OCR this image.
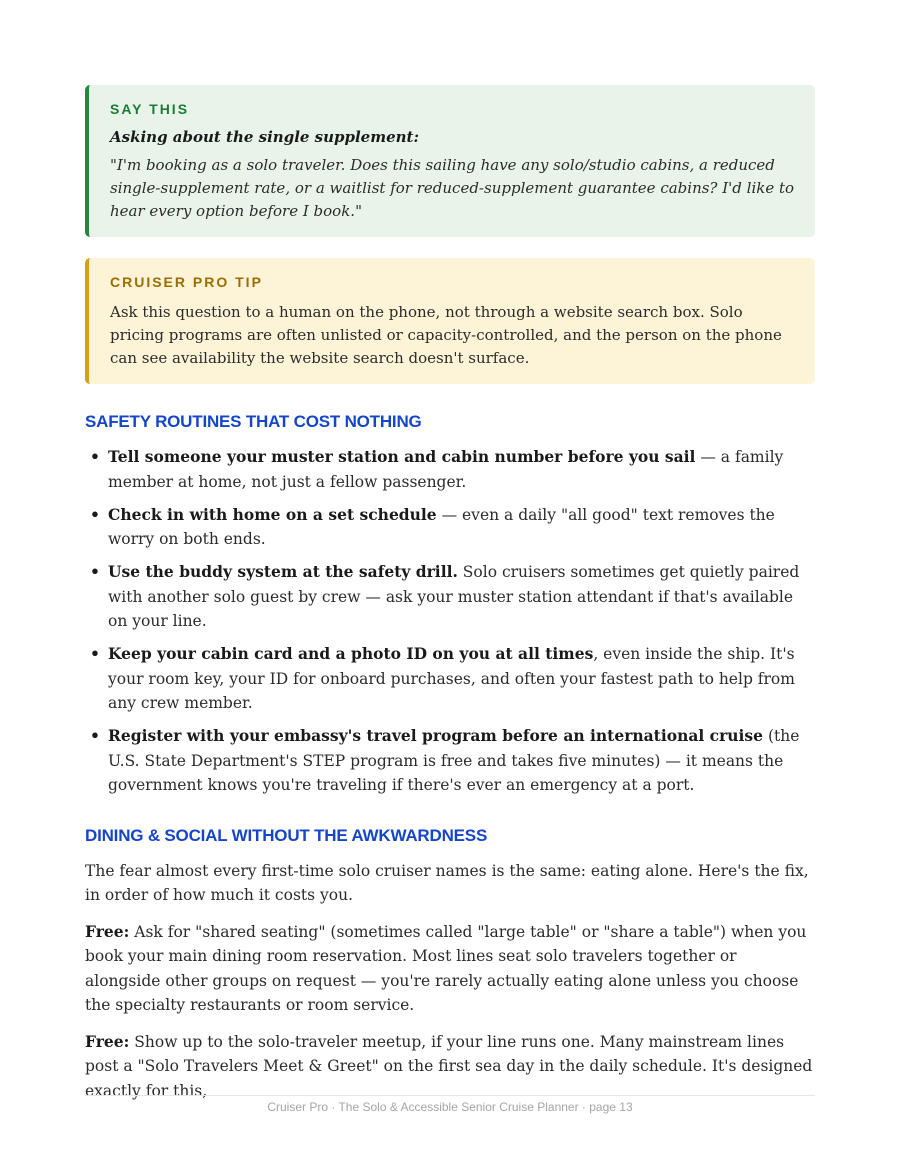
SAY THIS
Asking about the single supplement:
"I'm booking as a solo traveler. Does this sailing have any solo/studio cabins, a reduced single-supplement rate, or a waitlist for reduced-supplement guarantee cabins? I'd like to hear every option before I book."
CRUISER PRO TIP
Ask this question to a human on the phone, not through a website search box. Solo pricing programs are often unlisted or capacity-controlled, and the person on the phone can see availability the website search doesn't surface.
SAFETY ROUTINES THAT COST NOTHING
• Tell someone your muster station and cabin number before you sail — a family member at home, not just a fellow passenger.
• Check in with home on a set schedule — even a daily "all good" text removes the worry on both ends.
• Use the buddy system at the safety drill. Solo cruisers sometimes get quietly paired with another solo guest by crew — ask your muster station attendant if that's available on your line.
• Keep your cabin card and a photo ID on you at all times, even inside the ship. It's your room key, your ID for onboard purchases, and often your fastest path to help from any crew member.
• Register with your embassy's travel program before an international cruise (the U.S. State Department's STEP program is free and takes five minutes) — it means the government knows you're traveling if there's ever an emergency at a port.
DINING & SOCIAL WITHOUT THE AWKWARDNESS

The fear almost every first-time solo cruiser names is the same: eating alone. Here's the fix, in order of how much it costs you.

Free: Ask for "shared seating" (sometimes called "large table" or "share a table") when you book your main dining room reservation. Most lines seat solo travelers together or alongside other groups on request — you're rarely actually eating alone unless you choose the specialty restaurants or room service.

Free: Show up to the solo-traveler meetup, if your line runs one. Many mainstream lines post a "Solo Travelers Meet & Greet" on the first sea day in the daily schedule. It's designed exactly for this,

Cruiser Pro · The Solo & Accessible Senior Cruise Planner · page 13
